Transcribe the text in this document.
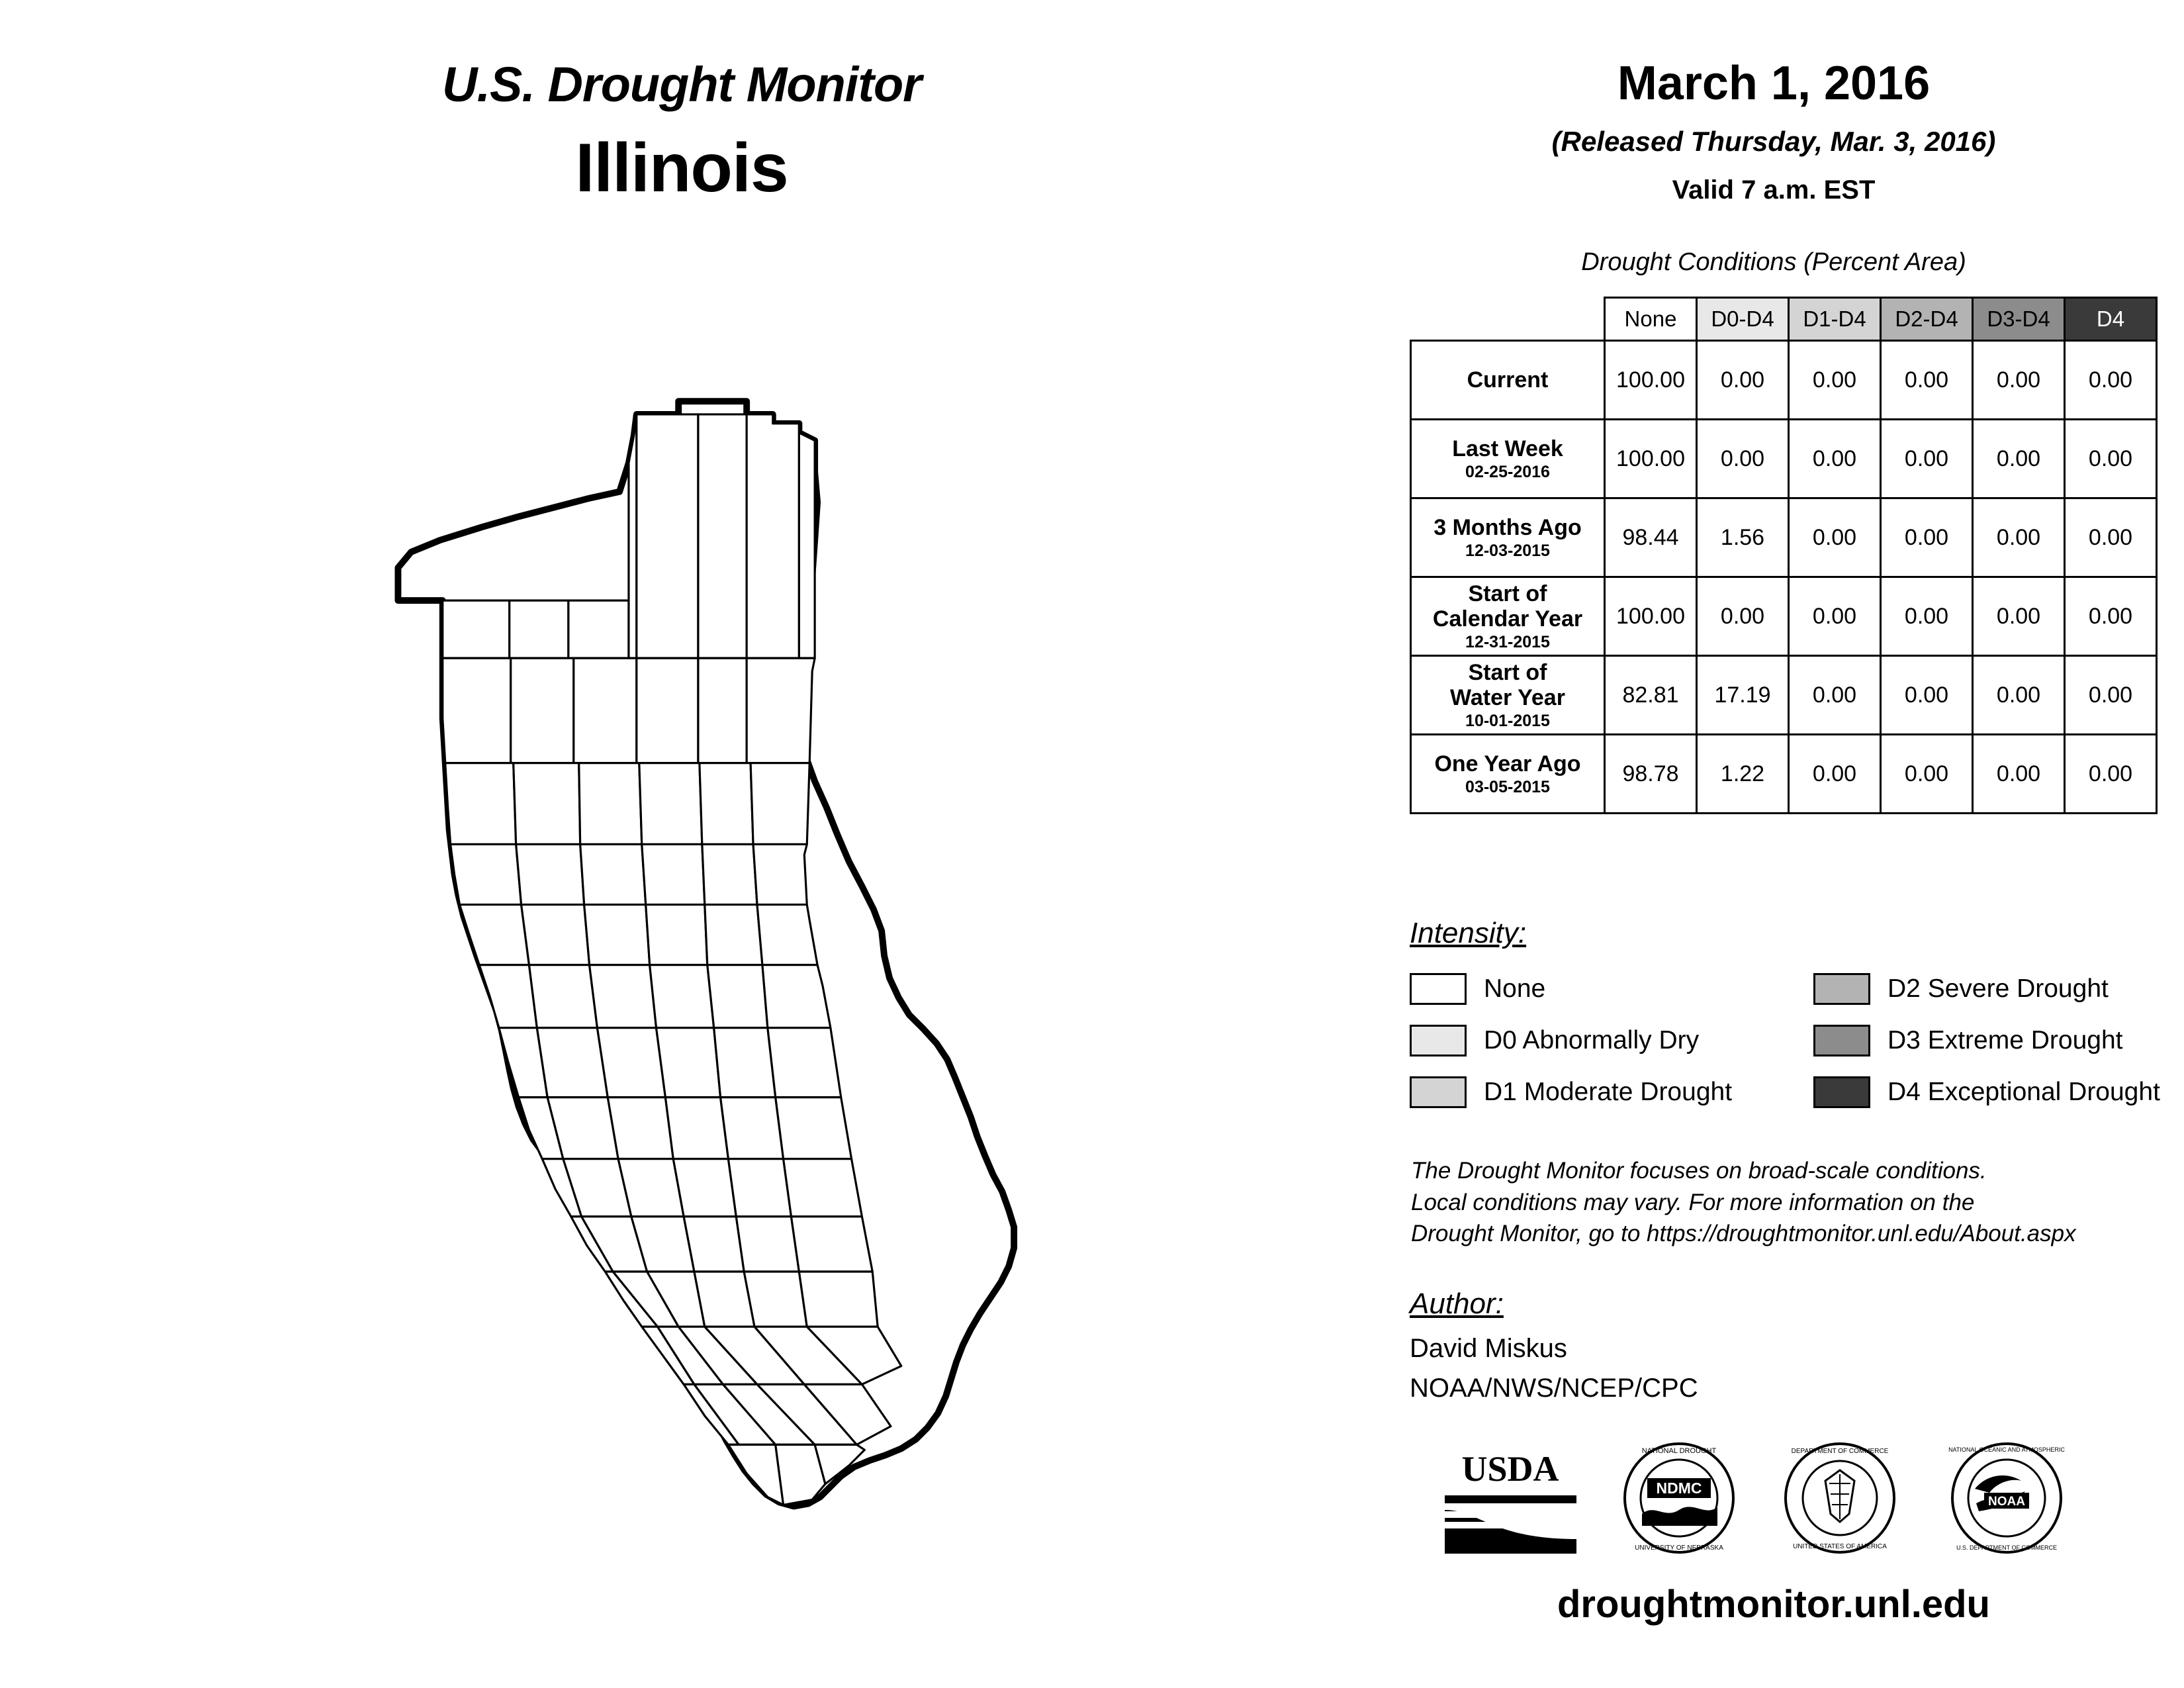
U.S. Drought Monitor
Illinois
March 1, 2016
(Released Thursday, Mar. 3, 2016)
Valid 7 a.m. EST
Drought Conditions (Percent Area)
	None	D0-D4	D1-D4	D2-D4	D3-D4	D4
Current	100.00	0.00	0.00	0.00	0.00	0.00
Last Week
02-25-2016	100.00	0.00	0.00	0.00	0.00	0.00
3 Months Ago
12-03-2015	98.44	1.56	0.00	0.00	0.00	0.00
Start of
Calendar Year
12-31-2015	100.00	0.00	0.00	0.00	0.00	0.00
Start of
Water Year
10-01-2015	82.81	17.19	0.00	0.00	0.00	0.00
One Year Ago
03-05-2015	98.78	1.22	0.00	0.00	0.00	0.00
Intensity:
None
D0 Abnormally Dry
D1 Moderate Drought
D2 Severe Drought
D3 Extreme Drought
D4 Exceptional Drought
The Drought Monitor focuses on broad-scale conditions.
Local conditions may vary. For more information on the
Drought Monitor, go to https://droughtmonitor.unl.edu/About.aspx
Author:
David Miskus
NOAA/NWS/NCEP/CPC
USDA	NDMC
NATIONAL DROUGHT
UNIVERSITY OF NEBRASKA
DEPARTMENT OF COMMERCE
UNITED STATES OF AMERICA
NOAA
NATIONAL OCEANIC AND ATMOSPHERIC
U.S. DEPARTMENT OF COMMERCE
droughtmonitor.unl.edu
